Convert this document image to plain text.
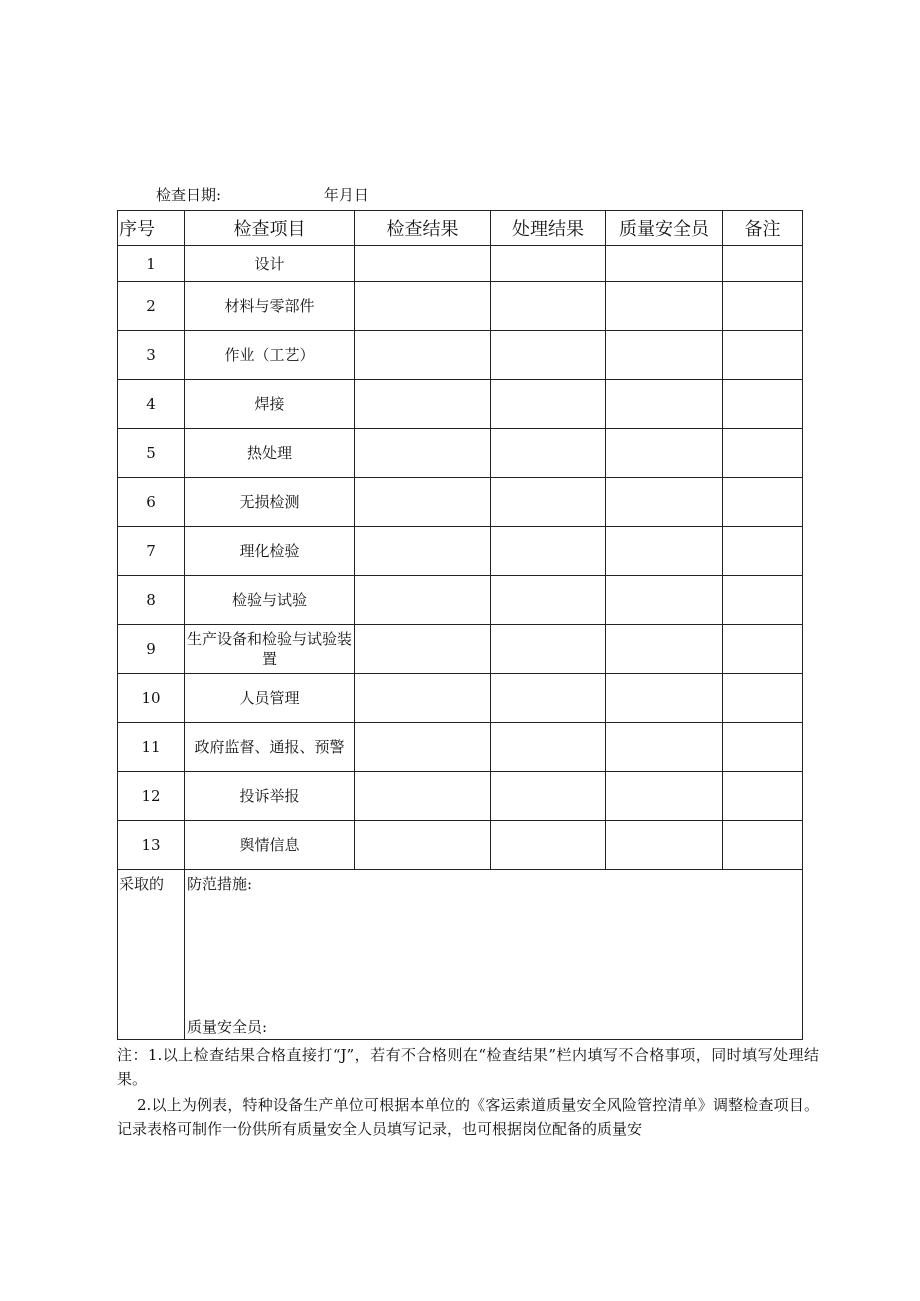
检查日期:	年月日
序号	检查项目	检查结果	处理结果	质量安全员	备注
1	设计				
2	材料与零部件				
3	作业（工艺）				
4	焊接				
5	热处理				
6	无损检测				
7	理化检验				
8	检验与试验				
9	生产设备和检验与试验装置				
10	人员管理				
11	政府监督、通报、预警				
12	投诉举报				
13	舆情信息				

采取的	防范措施:
质量安全员:				

注：1.以上检查结果合格直接打“J”，若有不合格则在“检查结果”栏内填写不合格事项，同时填写处理结果。

2.以上为例表，特种设备生产单位可根据本单位的《客运索道质量安全风险管控清单》调整检查项目。记录表格可制作一份供所有质量安全人员填写记录，也可根据岗位配备的质量安
